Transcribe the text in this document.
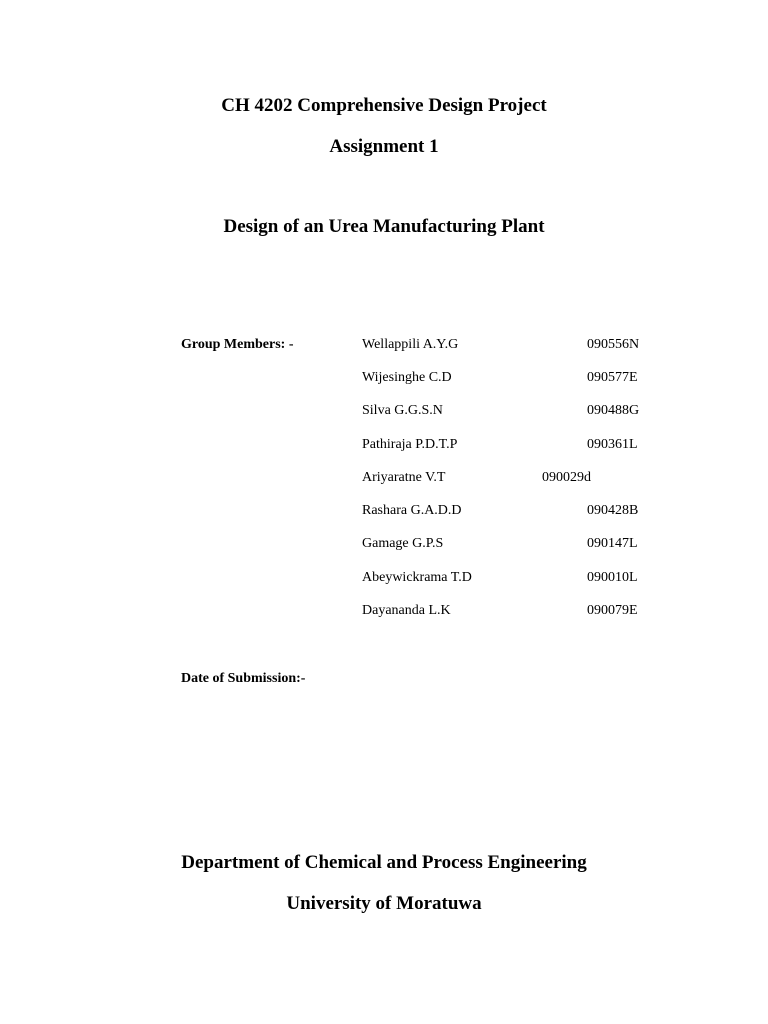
CH 4202 Comprehensive Design Project
Assignment 1
Design of an Urea Manufacturing Plant
Group Members: -	Wellappili A.Y.G	090556N
Wijesinghe C.D	090577E
Silva G.G.S.N	090488G
Pathiraja P.D.T.P	090361L
Ariyaratne V.T	090029d
Rashara G.A.D.D	090428B
Gamage G.P.S	090147L
Abeywickrama T.D	090010L
Dayananda L.K	090079E
Date of Submission:-
Department of Chemical and Process Engineering
University of Moratuwa
